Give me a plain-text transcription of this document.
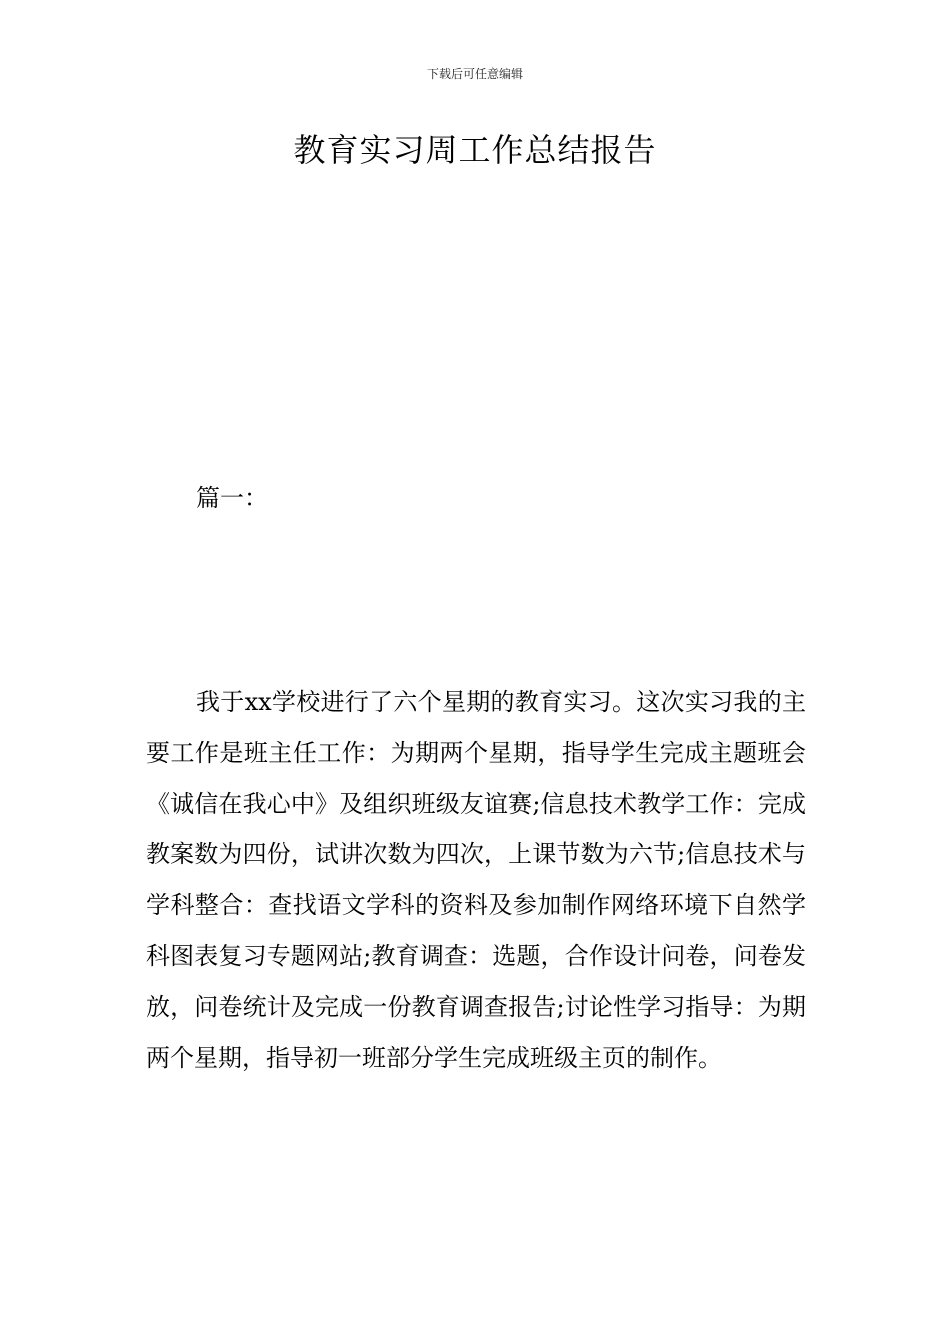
下载后可任意编辑
教育实习周工作总结报告

篇一：

我于xx学校进行了六个星期的教育实习。这次实习我的主要工作是班主任工作：为期两个星期，指导学生完成主题班会《诚信在我心中》及组织班级友谊赛;信息技术教学工作：完成教案数为四份，试讲次数为四次，上课节数为六节;信息技术与学科整合：查找语文学科的资料及参加制作网络环境下自然学科图表复习专题网站;教育调查：选题，合作设计问卷，问卷发放，问卷统计及完成一份教育调查报告;讨论性学习指导：为期两个星期，指导初一班部分学生完成班级主页的制作。
